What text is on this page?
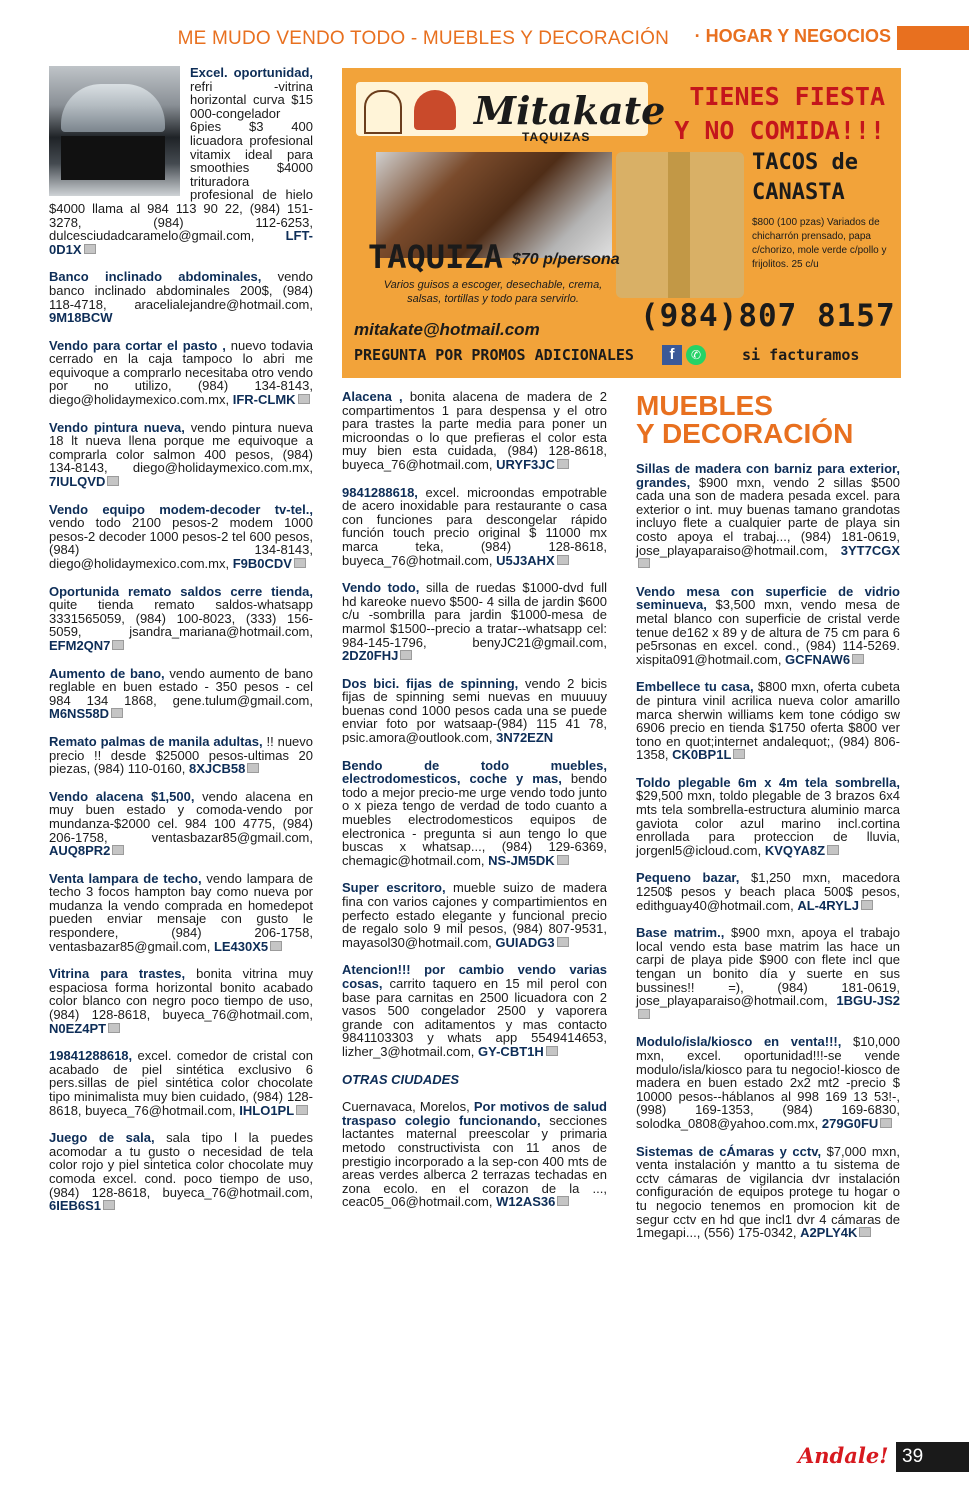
ME MUDO VENDO TODO - MUEBLES Y DECORACIÓN · HOGAR Y NEGOCIOS
Excel. oportunidad, refri -vitrina horizontal curva $15 000-congelador 6pies $3 400 licuadora profesional vitamix ideal para smoothies $4000 trituradora profesional de hielo $4000 llama al 984 113 90 22, (984) 151-3278, (984) 112-6253, dulcesciudadcaramelo@gmail.com, LFT-0D1X
Banco inclinado abdominales, vendo banco inclinado abdominales 200$, (984) 118-4718, aracelialejandre@hotmail.com, 9M18BCW
Vendo para cortar el pasto , nuevo todavia cerrado en la caja tampoco lo abri me equivoque a comprarlo necesitaba otro vendo por no utilizo, (984) 134-8143, diego@holidaymexico.com.mx, IFR-CLMK
Vendo pintura nueva, vendo pintura nueva 18 lt nueva llena porque me equivoque a comprarla color salmon 400 pesos, (984) 134-8143, diego@holidaymexico.com.mx, 7IULQVD
Vendo equipo modem-decoder tv-tel., vendo todo 2100 pesos-2 modem 1000 pesos-2 decoder 1000 pesos-2 tel 600 pesos, (984) 134-8143, diego@holidaymexico.com.mx, F9B0CDV
Oportunida remato saldos cerre tienda, quite tienda remato saldos-whatsapp 3331565059, (984) 100-8023, (333) 156-5059, jsandra_mariana@hotmail.com, EFM2QN7
Aumento de bano, vendo aumento de bano reglable en buen estado - 350 pesos - cel 984 134 1868, gene.tulum@gmail.com, M6NS58D
Remato palmas de manila adultas, !! nuevo precio !! desde $25000 pesos-ultimas 20 piezas, (984) 110-0160, 8XJCB58
Vendo alacena $1,500, vendo alacena en muy buen estado y comoda-vendo por mundanza-$2000 cel. 984 100 4775, (984) 206-1758, ventasbazar85@gmail.com, AUQ8PR2
Venta lampara de techo, vendo lampara de techo 3 focos hampton bay como nueva por mudanza la vendo comprada en homedepot pueden enviar mensaje con gusto le respondere, (984) 206-1758, ventasbazar85@gmail.com, LE430X5
Vitrina para trastes, bonita vitrina muy espaciosa forma horizontal bonito acabado color blanco con negro poco tiempo de uso, (984) 128-8618, buyeca_76@hotmail.com, N0EZ4PT
19841288618, excel. comedor de cristal con acabado de piel sintética exclusivo 6 pers.sillas de piel sintética color chocolate tipo minimalista muy bien cuidado, (984) 128-8618, buyeca_76@hotmail.com, IHLO1PL
Juego de sala, sala tipo l la puedes acomodar a tu gusto o necesidad de tela color rojo y piel sintetica color chocolate muy comoda excel. cond. poco tiempo de uso, (984) 128-8618, buyeca_76@hotmail.com, 6IEB6S1
Mitakate
TAQUIZAS
TIENES FIESTA
Y NO COMIDA!!!
TACOS de
CANASTA
$800 (100 pzas) Variados de chicharrón prensado, papa c/chorizo, mole verde c/pollo y frijolitos. 25 c/u
TAQUIZA $70 p/persona
Varios guisos a escoger, desechable, crema, salsas, tortillas y todo para servirlo.
mitakate@hotmail.com	(984)807 8157
PREGUNTA POR PROMOS ADICIONALES	f	✆	si facturamos
Alacena , bonita alacena de madera de 2 compartimentos 1 para despensa y el otro para trastes la parte media para poner un microondas o lo que prefieras el color esta muy bien esta cuidada, (984) 128-8618, buyeca_76@hotmail.com, URYF3JC
9841288618, excel. microondas empotrable de acero inoxidable para restaurante o casa con funciones para descongelar rápido función touch precio original $ 11000 mx marca teka, (984) 128-8618, buyeca_76@hotmail.com, U5J3AHX
Vendo todo, silla de ruedas $1000-dvd full hd kareoke nuevo $500- 4 silla de jardin $600 c/u -sombrilla para jardin $1000-mesa de marmol $1500--precio a tratar--whatsapp cel: 984-145-1796, benyJC21@gmail.com, 2DZ0FHJ
Dos bici. fijas de spinning, vendo 2 bicis fijas de spinning semi nuevas en muuuuy buenas cond 1000 pesos cada una se puede enviar foto por watsaap-(984) 115 41 78, psic.amora@outlook.com, 3N72EZN
Bendo de todo muebles, electrodomesticos, coche y mas, bendo todo a mejor precio-me urge vendo todo junto o x pieza tengo de verdad de todo cuanto a muebles electrodomesticos equipos de electronica - pregunta si aun tengo lo que buscas x whatsap..., (984) 129-6369, chemagic@hotmail.com, NS-JM5DK
Super escritoro, mueble suizo de madera fina con varios cajones y compartimientos en perfecto estado elegante y funcional precio de regalo solo 9 mil pesos, (984) 807-9531, mayasol30@hotmail.com, GUIADG3
Atencion!!! por cambio vendo varias cosas, carrito taquero en 15 mil perol con base para carnitas en 2500 licuadora con 2 vasos 500 congelador 2500 y vaporera grande con aditamentos y mas contacto 9841103303 y whats app 5549414653, lizher_3@hotmail.com, GY-CBT1H
OTRAS CIUDADES
Cuernavaca, Morelos, Por motivos de salud traspaso colegio funcionando, secciones lactantes maternal preescolar y primaria metodo constructivista con 11 anos de prestigio incorporado a la sep-con 400 mts de areas verdes alberca 2 terrazas techadas en zona ecolo. en el corazon de la ..., ceac05_06@hotmail.com, W12AS36
MUEBLES
Y DECORACIÓN
Sillas de madera con barniz para exterior, grandes, $900 mxn, vendo 2 sillas $500 cada una son de madera pesada excel. para exterior o int. muy buenas tamano grandotas incluyo flete a cualquier parte de playa sin costo apoya el trabaj..., (984) 181-0619, jose_playaparaiso@hotmail.com, 3YT7CGX
Vendo mesa con superficie de vidrio seminueva, $3,500 mxn, vendo mesa de metal blanco con superficie de cristal verde tenue de162 x 89 y de altura de 75 cm para 6 pe5rsonas en excel. cond., (984) 114-5269. xispita091@hotmail.com, GCFNAW6
Embellece tu casa, $800 mxn, oferta cubeta de pintura vinil acrilica nueva color amarillo marca sherwin williams kem tone código sw 6906 precio en tienda $1750 oferta $800 ver tono en quot;internet andalequot;, (984) 806-1358, CK0BP1L
Toldo plegable 6m x 4m tela sombrella, $29,500 mxn, toldo plegable de 3 brazos 6x4 mts tela sombrella-estructura aluminio marca gaviota color azul marino incl.cortina enrollada para proteccion de lluvia, jorgenl5@icloud.com, KVQYA8Z
Pequeno bazar, $1,250 mxn, macedora 1250$ pesos y beach placa 500$ pesos, edithguay40@hotmail.com, AL-4RYLJ
Base matrim., $900 mxn, apoya el trabajo local vendo esta base matrim las hace un carpi de playa pide $900 con flete incl que tengan un bonito día y suerte en sus bussines!! =), (984) 181-0619, jose_playaparaiso@hotmail.com, 1BGU-JS2
Modulo/isla/kiosco en venta!!!, $10,000 mxn, excel. oportunidad!!!-se vende modulo/isla/kiosco para tu negocio!-kiosco de madera en buen estado 2x2 mt2 -precio $ 10000 pesos--háblanos al 998 169 13 53!-, (998) 169-1353, (984) 169-6830, solodka_0808@yahoo.com.mx, 279G0FU
Sistemas de cÁmaras y cctv, $7,000 mxn, venta instalación y mantto a tu sistema de cctv cámaras de vigilancia dvr instalación configuración de equipos protege tu hogar o tu negocio tenemos en promocion kit de segur cctv en hd que incl1 dvr 4 cámaras de 1megapi..., (556) 175-0342, A2PLY4K
Andale! 39
